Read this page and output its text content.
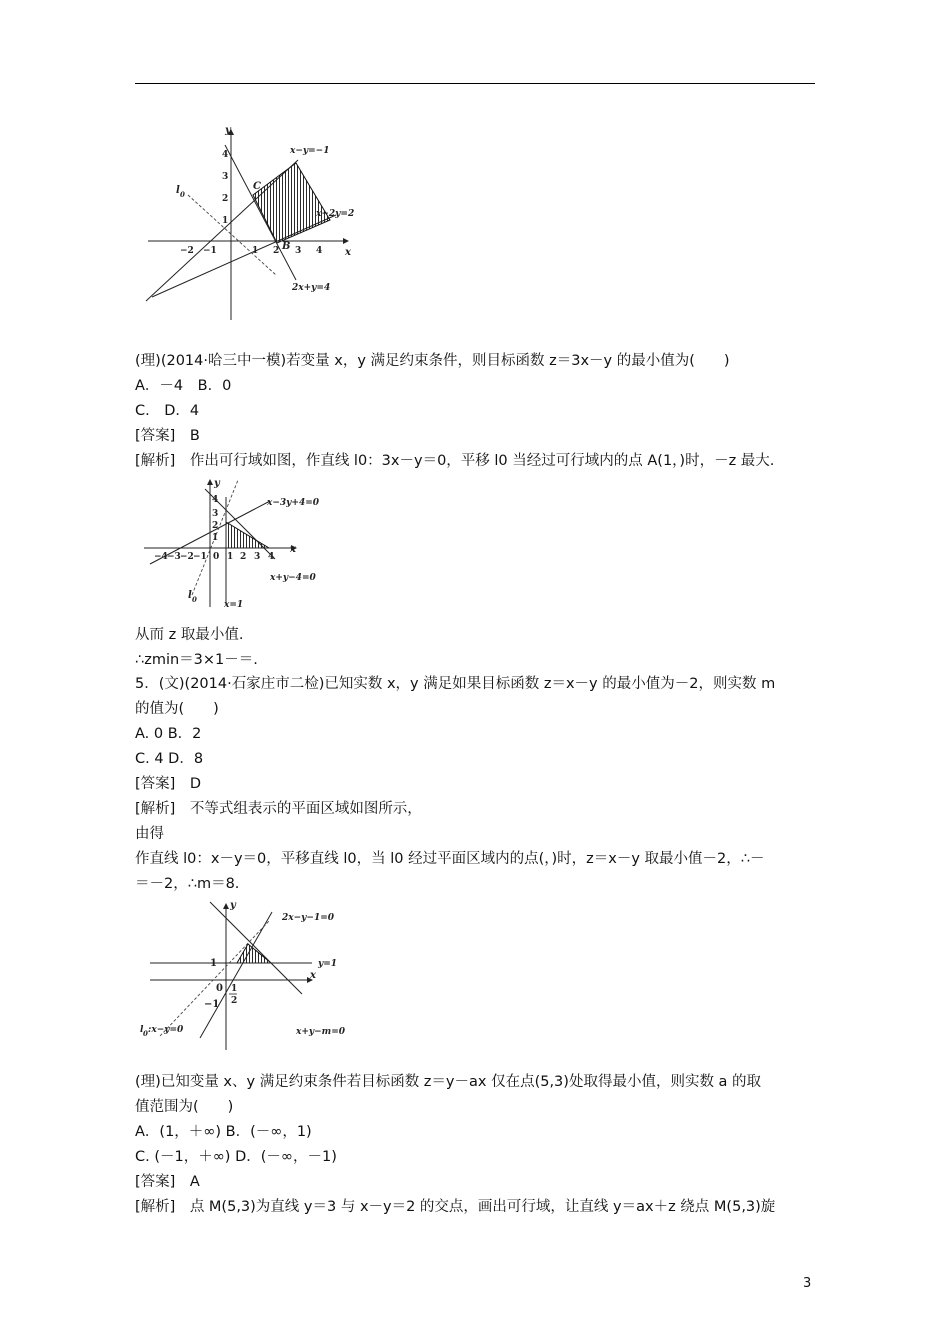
y
x
l 0
C
B
x−y=−1
x−2y=2
2x+y=4
−2 −1	1 2 3 4
4
3
2
1
(理)(2014·哈三中一模)若变量 x，y 满足约束条件，则目标函数 z＝3x－y 的最小值为(　　)
A．－4　B．0
C.　D．4
[答案]　B
[解析]　作出可行域如图，作直线 l0：3x－y＝0，平移 l0 当经过可行域内的点 A(1，)时，－z 最大.
y
x
l 0
x−3y+4=0
x+y−4=0
x=1
−4 −3 −2 −1 0 1 2 3 4
4
3
2
1
从而 z 取最小值.
∴zmin＝3×1－＝.
5．(文)(2014·石家庄市二检)已知实数 x，y 满足如果目标函数 z＝x－y 的最小值为－2，则实数 m
的值为(　　)
A. 0 B．2
C. 4 D．8
[答案]　D
[解析]　不等式组表示的平面区域如图所示，
由得
作直线 l0：x－y＝0，平移直线 l0，当 l0 经过平面区域内的点(，)时，z＝x－y 取最小值－2，∴－
＝－2，∴m＝8.
y
x
2x−y−1=0
y=1
x+y−m=0
l 0 :x−y=0
1
0
−1
1
2
(理)已知变量 x、y 满足约束条件若目标函数 z＝y－ax 仅在点(5,3)处取得最小值，则实数 a 的取
值范围为(　　)
A．(1，＋∞) B．(－∞，1)
C. (－1，＋∞) D．(－∞，－1)
[答案]　A
[解析]　点 M(5,3)为直线 y＝3 与 x－y＝2 的交点，画出可行域，让直线 y＝ax＋z 绕点 M(5,3)旋
3
